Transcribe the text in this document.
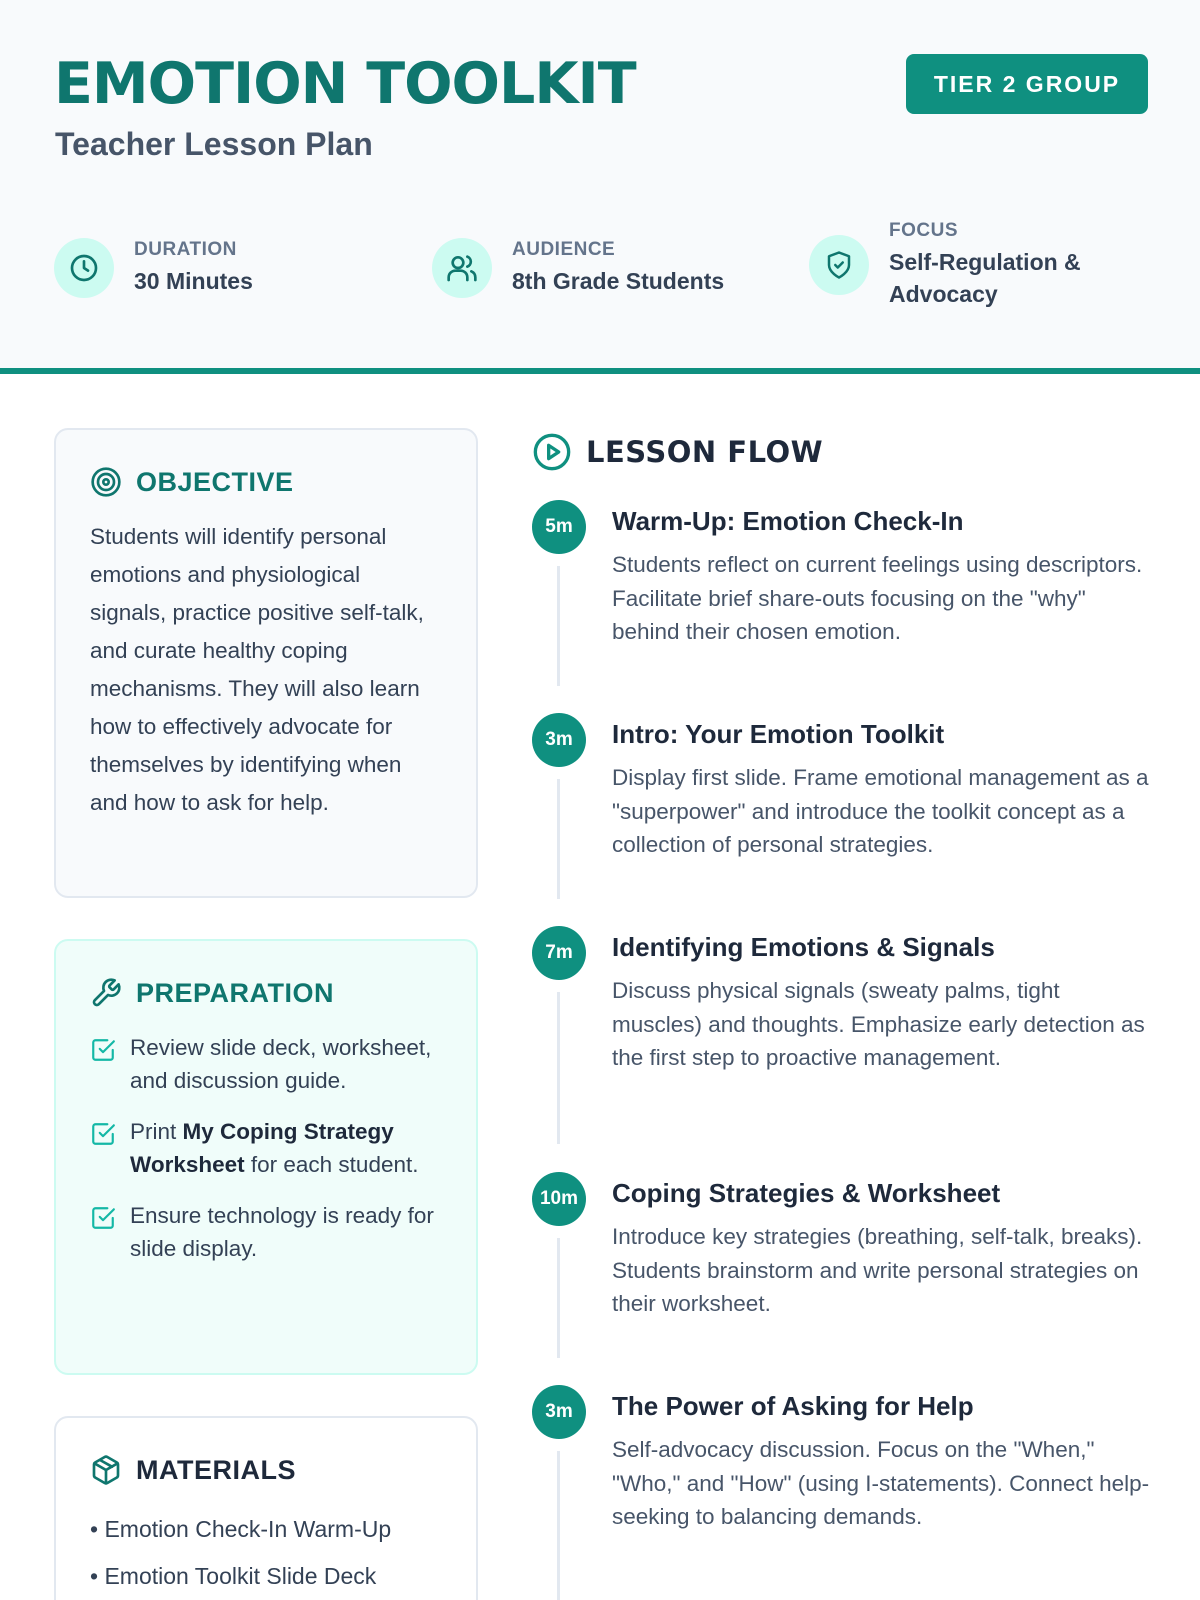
EMOTION TOOLKIT
Teacher Lesson Plan
TIER 2 GROUP
DURATION
30 Minutes
AUDIENCE
8th Grade Students
FOCUS
Self-Regulation & Advocacy
OBJECTIVE

Students will identify personal emotions and physiological signals, practice positive self-talk, and curate healthy coping mechanisms. They will also learn how to effectively advocate for themselves by identifying when and how to ask for help.

PREPARATION
Review slide deck, worksheet, and discussion guide.
Print My Coping Strategy Worksheet for each student.
Ensure technology is ready for slide display.
MATERIALS
• Emotion Check-In Warm-Up
• Emotion Toolkit Slide Deck
LESSON FLOW
5m	Warm-Up: Emotion Check-In
Students reflect on current feelings using descriptors. Facilitate brief share-outs focusing on the "why" behind their chosen emotion.
3m	Intro: Your Emotion Toolkit
Display first slide. Frame emotional management as a "superpower" and introduce the toolkit concept as a collection of personal strategies.
7m	Identifying Emotions & Signals
Discuss physical signals (sweaty palms, tight muscles) and thoughts. Emphasize early detection as the first step to proactive management.
10m	Coping Strategies & Worksheet
Introduce key strategies (breathing, self-talk, breaks). Students brainstorm and write personal strategies on their worksheet.
3m	The Power of Asking for Help
Self-advocacy discussion. Focus on the "When," "Who," and "How" (using I-statements). Connect help-seeking to balancing demands.
